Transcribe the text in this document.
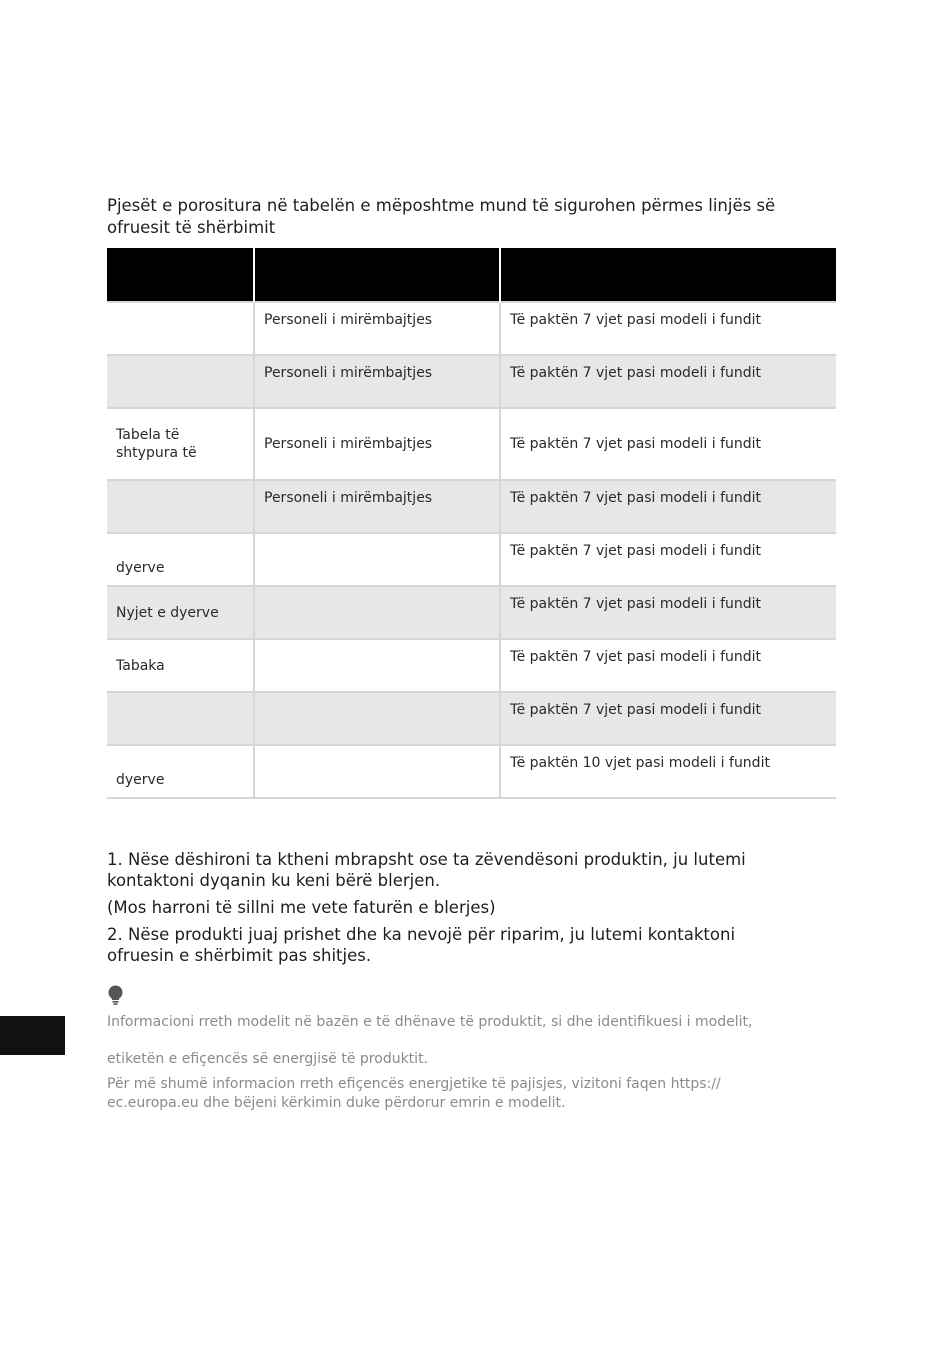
Pjesët e porositura në tabelën e mëposhtme mund të sigurohen përmes linjës së ofruesit të shërbimit

	Personeli i mirëmbajtjes	Të paktën 7 vjet pasi modeli i fundit
	Personeli i mirëmbajtjes	Të paktën 7 vjet pasi modeli i fundit
Tabela të shtypura të	Personeli i mirëmbajtjes	Të paktën 7 vjet pasi modeli i fundit
	Personeli i mirëmbajtjes	Të paktën 7 vjet pasi modeli i fundit
dyerve		Të paktën 7 vjet pasi modeli i fundit
Nyjet e dyerve		Të paktën 7 vjet pasi modeli i fundit
Tabaka		Të paktën 7 vjet pasi modeli i fundit
		Të paktën 7 vjet pasi modeli i fundit
dyerve		Të paktën 10 vjet pasi modeli i fundit

1. Nëse dëshironi ta ktheni mbrapsht ose ta zëvendësoni produktin, ju lutemi kontaktoni dyqanin ku keni bërë blerjen.

(Mos harroni të sillni me vete faturën e blerjes)

2. Nëse produkti juaj prishet dhe ka nevojë për riparim, ju lutemi kontaktoni ofruesin e shërbimit pas shitjes.

Informacioni rreth modelit në bazën e të dhënave të produktit, si dhe identifikuesi i modelit,
etiketën e efiçencës së energjisë të produktit.
Për më shumë informacion rreth efiçencës energjetike të pajisjes, vizitoni faqen https:// ec.europa.eu dhe bëjeni kërkimin duke përdorur emrin e modelit.
